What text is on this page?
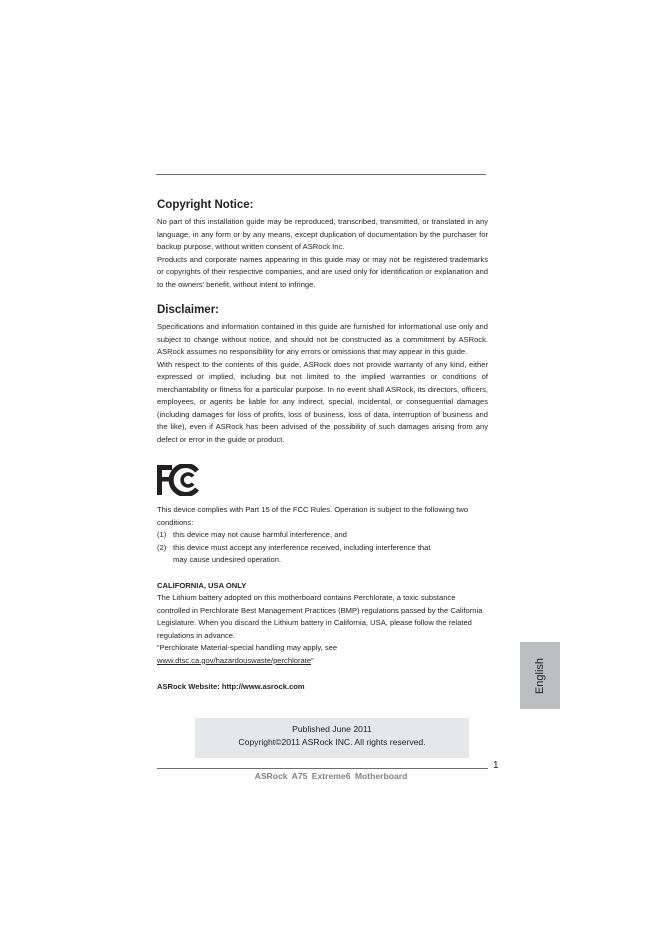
Copyright Notice:

No part of this installation guide may be reproduced, transcribed, transmitted, or translated in any language, in any form or by any means, except duplication of documentation by the purchaser for backup purpose, without written consent of ASRock Inc.

Products and corporate names appearing in this guide may or may not be registered trademarks or copyrights of their respective companies, and are used only for identification or explanation and to the owners' benefit, without intent to infringe.

Disclaimer:

Specifications and information contained in this guide are furnished for informational use only and subject to change without notice, and should not be constructed as a commitment by ASRock. ASRock assumes no responsibility for any errors or omissions that may appear in this guide.

With respect to the contents of this guide, ASRock does not provide warranty of any kind, either expressed or implied, including but not limited to the implied warranties or conditions of merchantability or fitness for a particular purpose. In no event shall ASRock, its directors, officers, employees, or agents be liable for any indirect, special, incidental, or consequential damages (including damages for loss of profits, loss of business, loss of data, interruption of business and the like), even if ASRock has been advised of the possibility of such damages arising from any defect or error in the guide or product.

This device complies with Part 15 of the FCC Rules. Operation is subject to the following two conditions:
(1) this device may not cause harmful interference, and
(2) this device must accept any interference received, including interference that
may cause undesired operation.
CALIFORNIA, USA ONLY
The Lithium battery adopted on this motherboard contains Perchlorate, a toxic substance controlled in Perchlorate Best Management Practices (BMP) regulations passed by the California Legislature. When you discard the Lithium battery in California, USA, please follow the related regulations in advance.
“Perchlorate Material-special handling may apply, see
www.dtsc.ca.gov/hazardouswaste/perchlorate”
ASRock Website: http://www.asrock.com
Published June 2011
Copyright©2011 ASRock INC. All rights reserved.
1
ASRock A75 Extreme6 Motherboard
English
